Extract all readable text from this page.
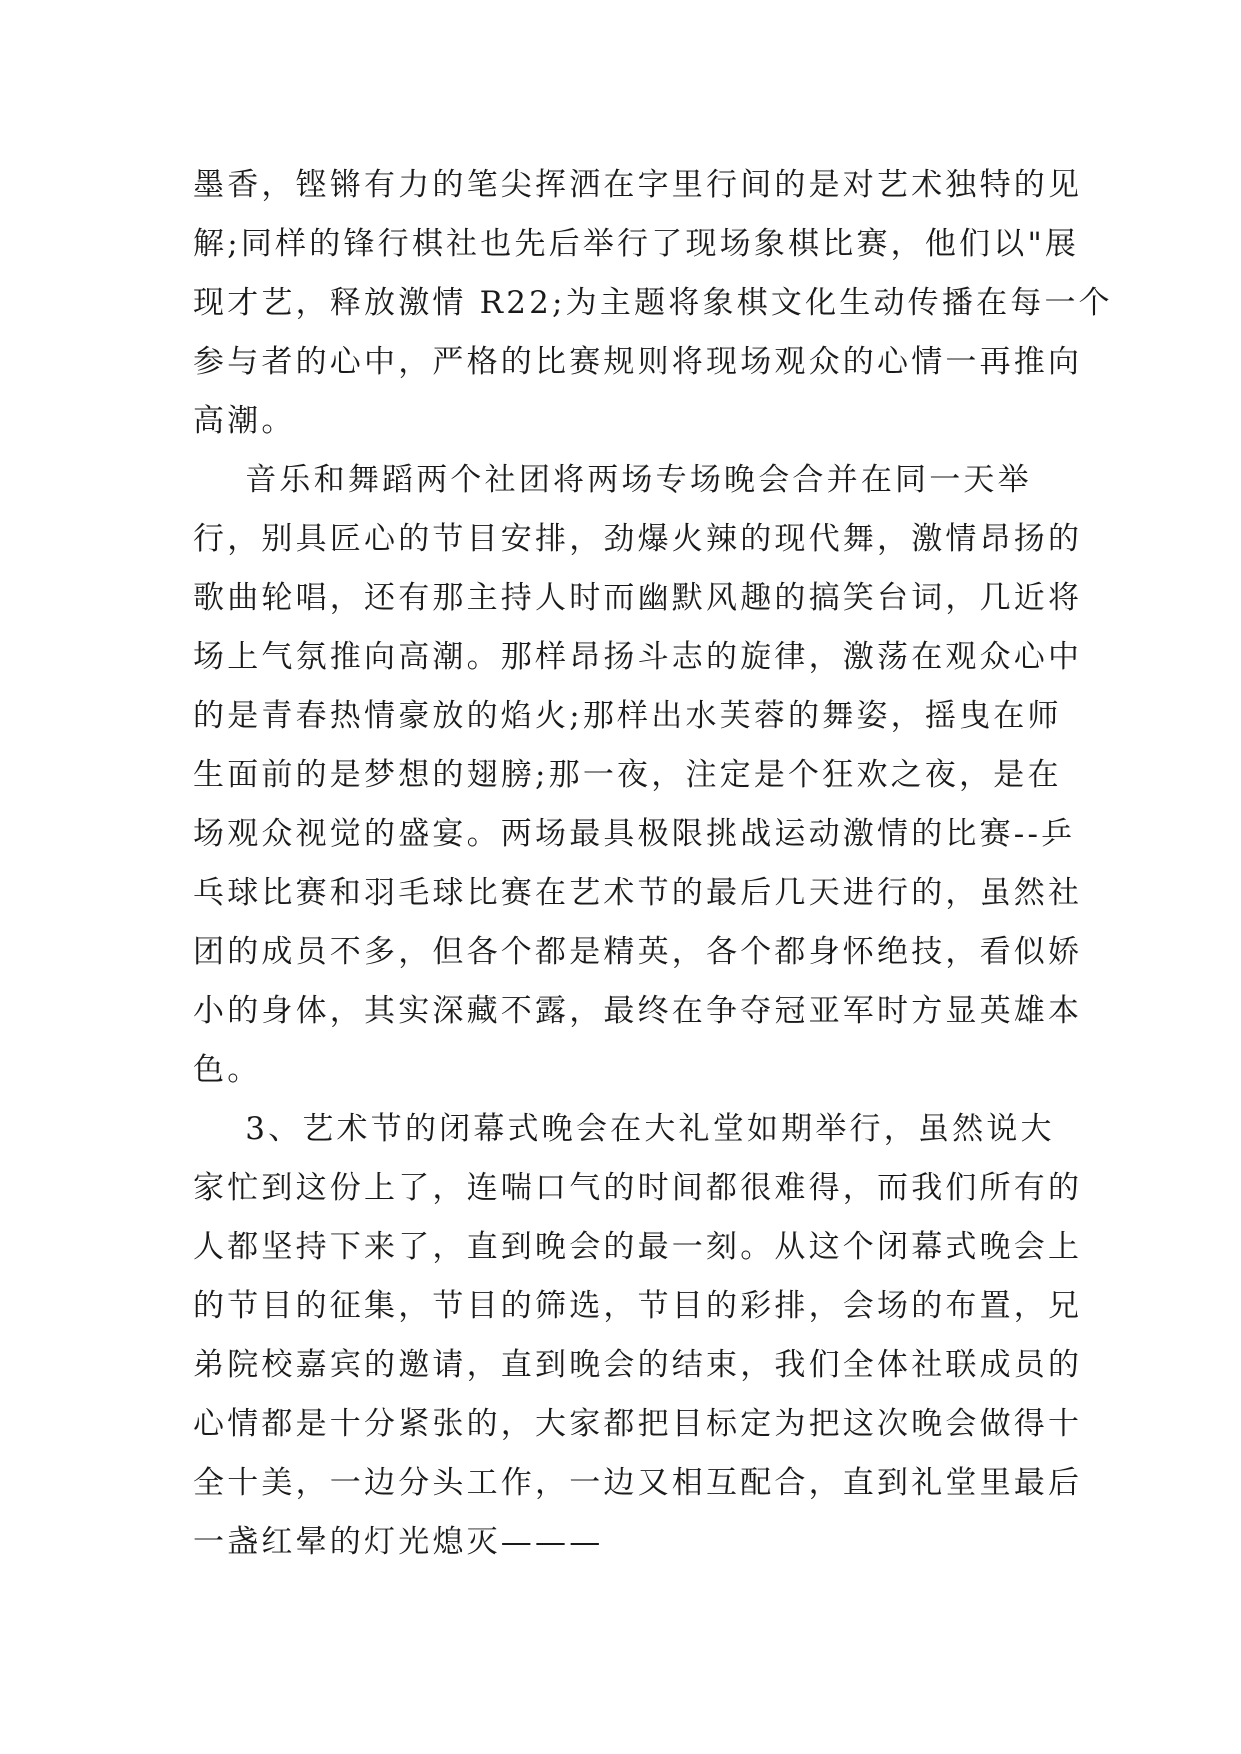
墨香，铿锵有力的笔尖挥洒在字里行间的是对艺术独特的见
解;同样的锋行棋社也先后举行了现场象棋比赛，他们以"展
现才艺，释放激情 R22;为主题将象棋文化生动传播在每一个
参与者的心中，严格的比赛规则将现场观众的心情一再推向
高潮。
音乐和舞蹈两个社团将两场专场晚会合并在同一天举
行，别具匠心的节目安排，劲爆火辣的现代舞，激情昂扬的
歌曲轮唱，还有那主持人时而幽默风趣的搞笑台词，几近将
场上气氛推向高潮。那样昂扬斗志的旋律，激荡在观众心中
的是青春热情豪放的焰火;那样出水芙蓉的舞姿，摇曳在师
生面前的是梦想的翅膀;那一夜，注定是个狂欢之夜，是在
场观众视觉的盛宴。两场最具极限挑战运动激情的比赛--乒
乓球比赛和羽毛球比赛在艺术节的最后几天进行的，虽然社
团的成员不多，但各个都是精英，各个都身怀绝技，看似娇
小的身体，其实深藏不露，最终在争夺冠亚军时方显英雄本
色。
3、艺术节的闭幕式晚会在大礼堂如期举行，虽然说大
家忙到这份上了，连喘口气的时间都很难得，而我们所有的
人都坚持下来了，直到晚会的最一刻。从这个闭幕式晚会上
的节目的征集，节目的筛选，节目的彩排，会场的布置，兄
弟院校嘉宾的邀请，直到晚会的结束，我们全体社联成员的
心情都是十分紧张的，大家都把目标定为把这次晚会做得十
全十美，一边分头工作，一边又相互配合，直到礼堂里最后
一盏红晕的灯光熄灭———
